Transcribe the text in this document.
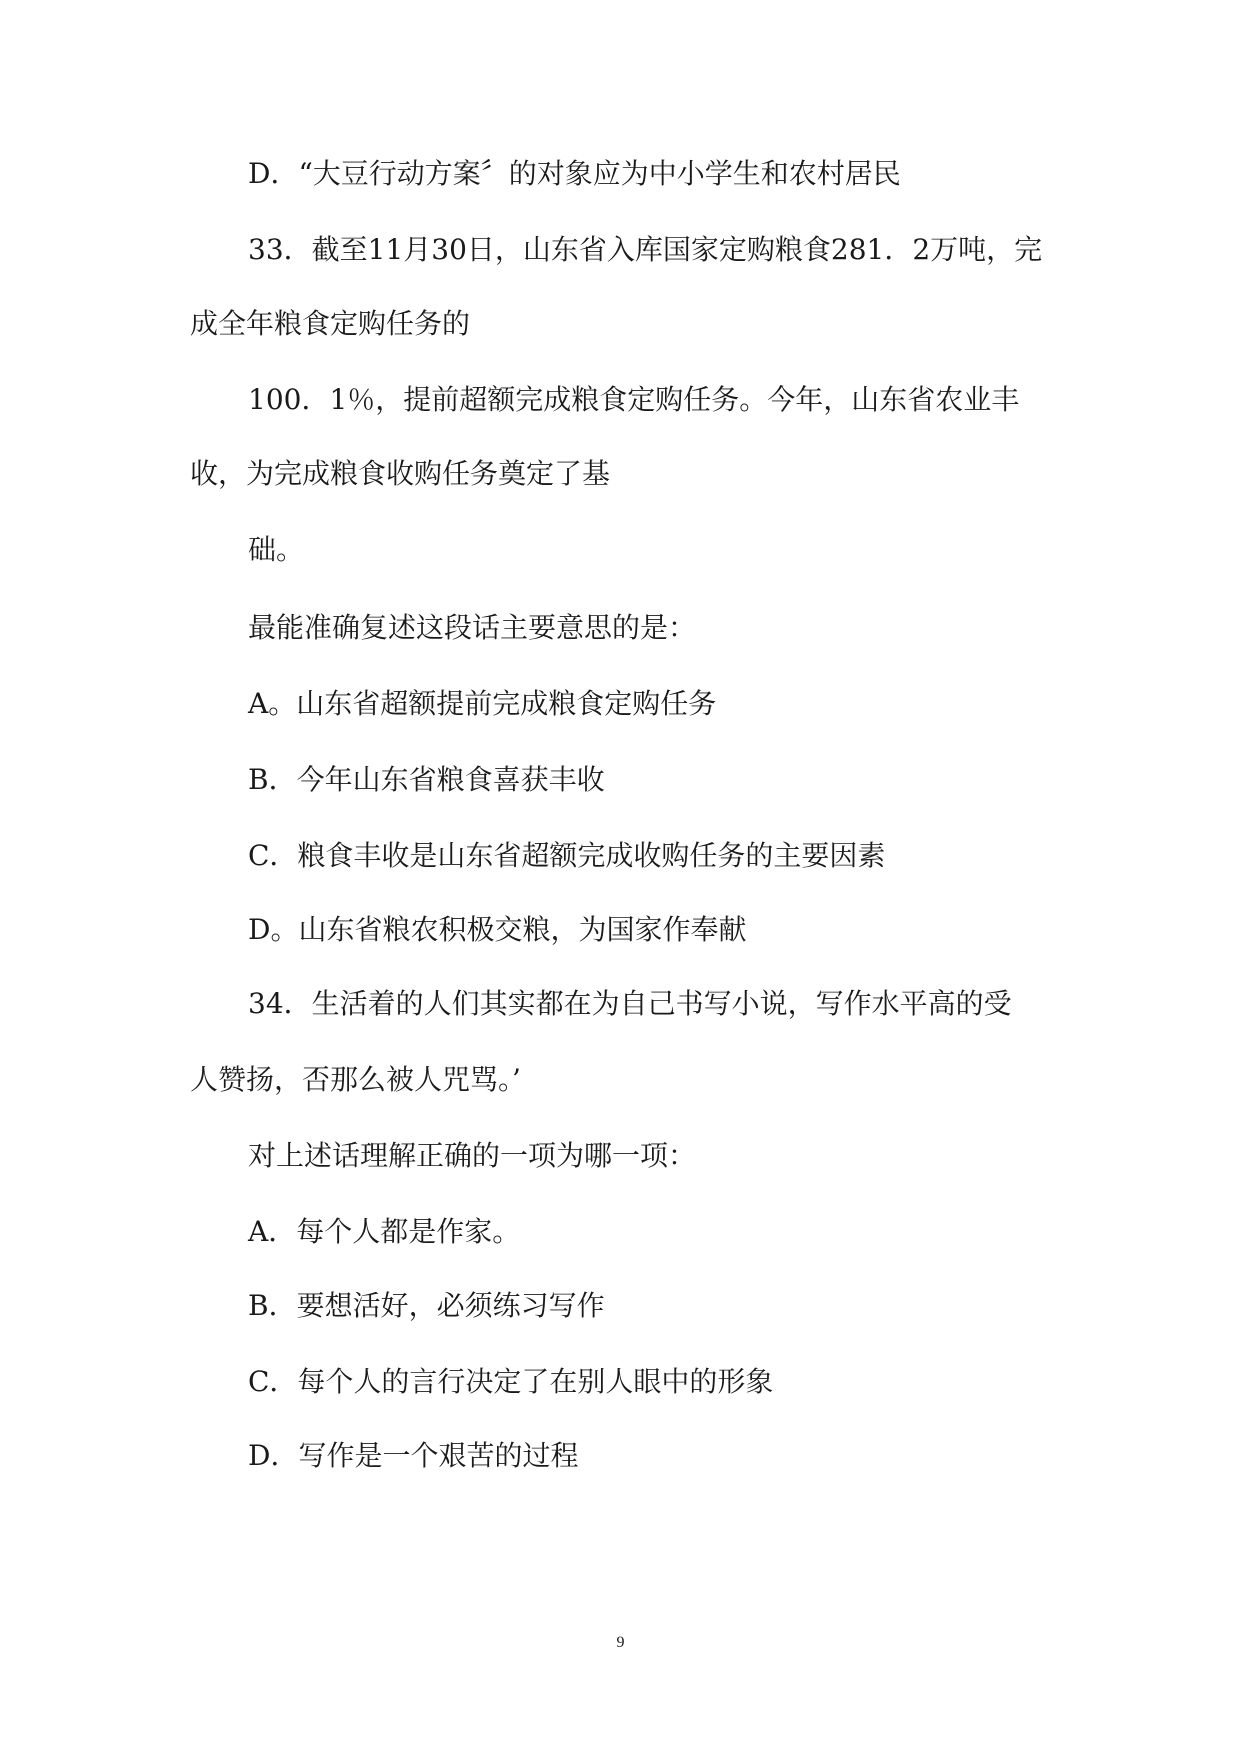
D．“大豆行动方案〞的对象应为中小学生和农村居民
33．截至11月30日，山东省入库国家定购粮食281．2万吨，完
成全年粮食定购任务的
100．1％，提前超额完成粮食定购任务。今年，山东省农业丰
收，为完成粮食收购任务奠定了基
础。
最能准确复述这段话主要意思的是：
A。山东省超额提前完成粮食定购任务
B．今年山东省粮食喜获丰收
C．粮食丰收是山东省超额完成收购任务的主要因素
D。山东省粮农积极交粮，为国家作奉献
34．生活着的人们其实都在为自己书写小说，写作水平高的受
人赞扬，否那么被人咒骂。’
对上述话理解正确的一项为哪一项：
A．每个人都是作家。
B．要想活好，必须练习写作
C．每个人的言行决定了在别人眼中的形象
D．写作是一个艰苦的过程
9
